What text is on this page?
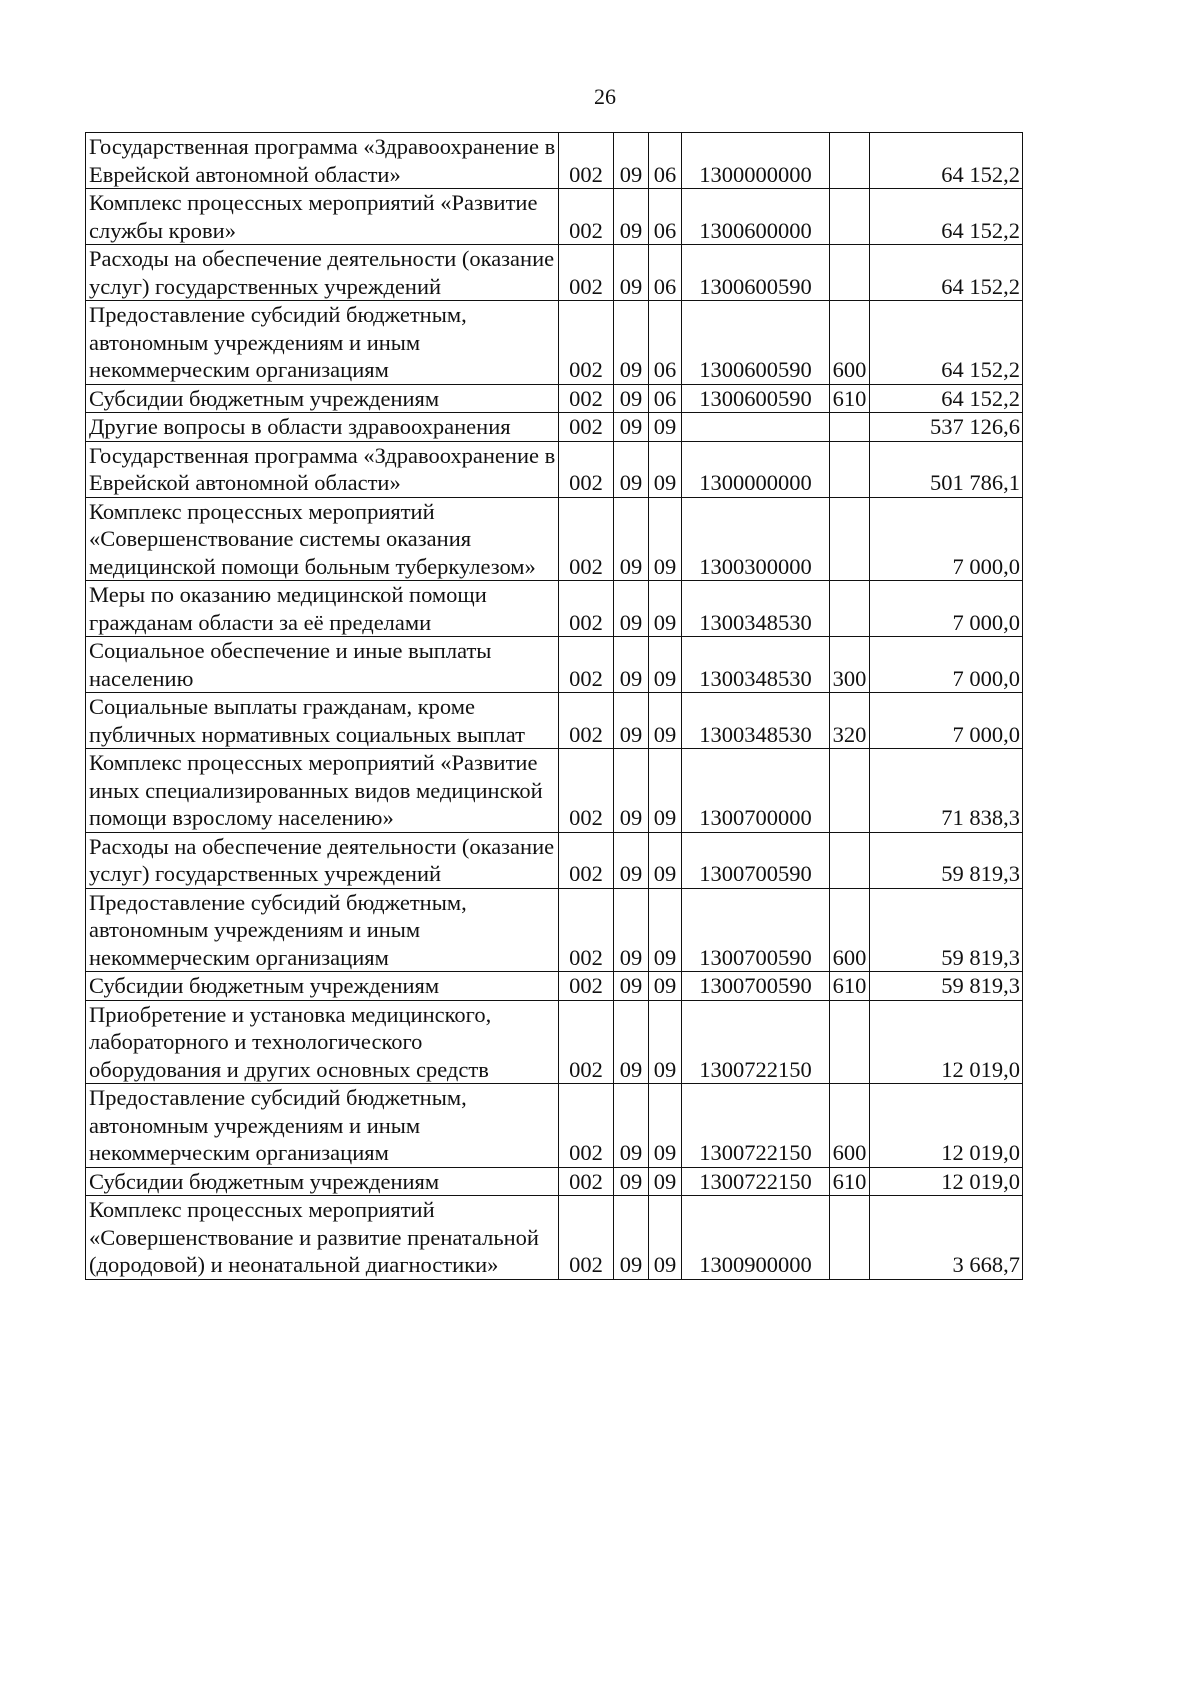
26
Государственная программа «Здравоохранение в Еврейской автономной области»	002	09	06	1300000000		64 152,2
Комплекс процессных мероприятий «Развитие службы крови»	002	09	06	1300600000		64 152,2
Расходы на обеспечение деятельности (оказание услуг) государственных учреждений	002	09	06	1300600590		64 152,2
Предоставление субсидий бюджетным, автономным учреждениям и иным некоммерческим организациям	002	09	06	1300600590	600	64 152,2
Субсидии бюджетным учреждениям	002	09	06	1300600590	610	64 152,2
Другие вопросы в области здравоохранения	002	09	09			537 126,6
Государственная программа «Здравоохранение в Еврейской автономной области»	002	09	09	1300000000		501 786,1
Комплекс процессных мероприятий «Совершенствование системы оказания медицинской помощи больным туберкулезом»	002	09	09	1300300000		7 000,0
Меры по оказанию медицинской помощи гражданам области за её пределами	002	09	09	1300348530		7 000,0
Социальное обеспечение и иные выплаты населению	002	09	09	1300348530	300	7 000,0
Социальные выплаты гражданам, кроме публичных нормативных социальных выплат	002	09	09	1300348530	320	7 000,0
Комплекс процессных мероприятий «Развитие иных специализированных видов медицинской помощи взрослому населению»	002	09	09	1300700000		71 838,3
Расходы на обеспечение деятельности (оказание услуг) государственных учреждений	002	09	09	1300700590		59 819,3
Предоставление субсидий бюджетным, автономным учреждениям и иным некоммерческим организациям	002	09	09	1300700590	600	59 819,3
Субсидии бюджетным учреждениям	002	09	09	1300700590	610	59 819,3
Приобретение и установка медицинского, лабораторного и технологического оборудования и других основных средств	002	09	09	1300722150		12 019,0
Предоставление субсидий бюджетным, автономным учреждениям и иным некоммерческим организациям	002	09	09	1300722150	600	12 019,0
Субсидии бюджетным учреждениям	002	09	09	1300722150	610	12 019,0
Комплекс процессных мероприятий «Совершенствование и развитие пренатальной (дородовой) и неонатальной диагностики»	002	09	09	1300900000		3 668,7
